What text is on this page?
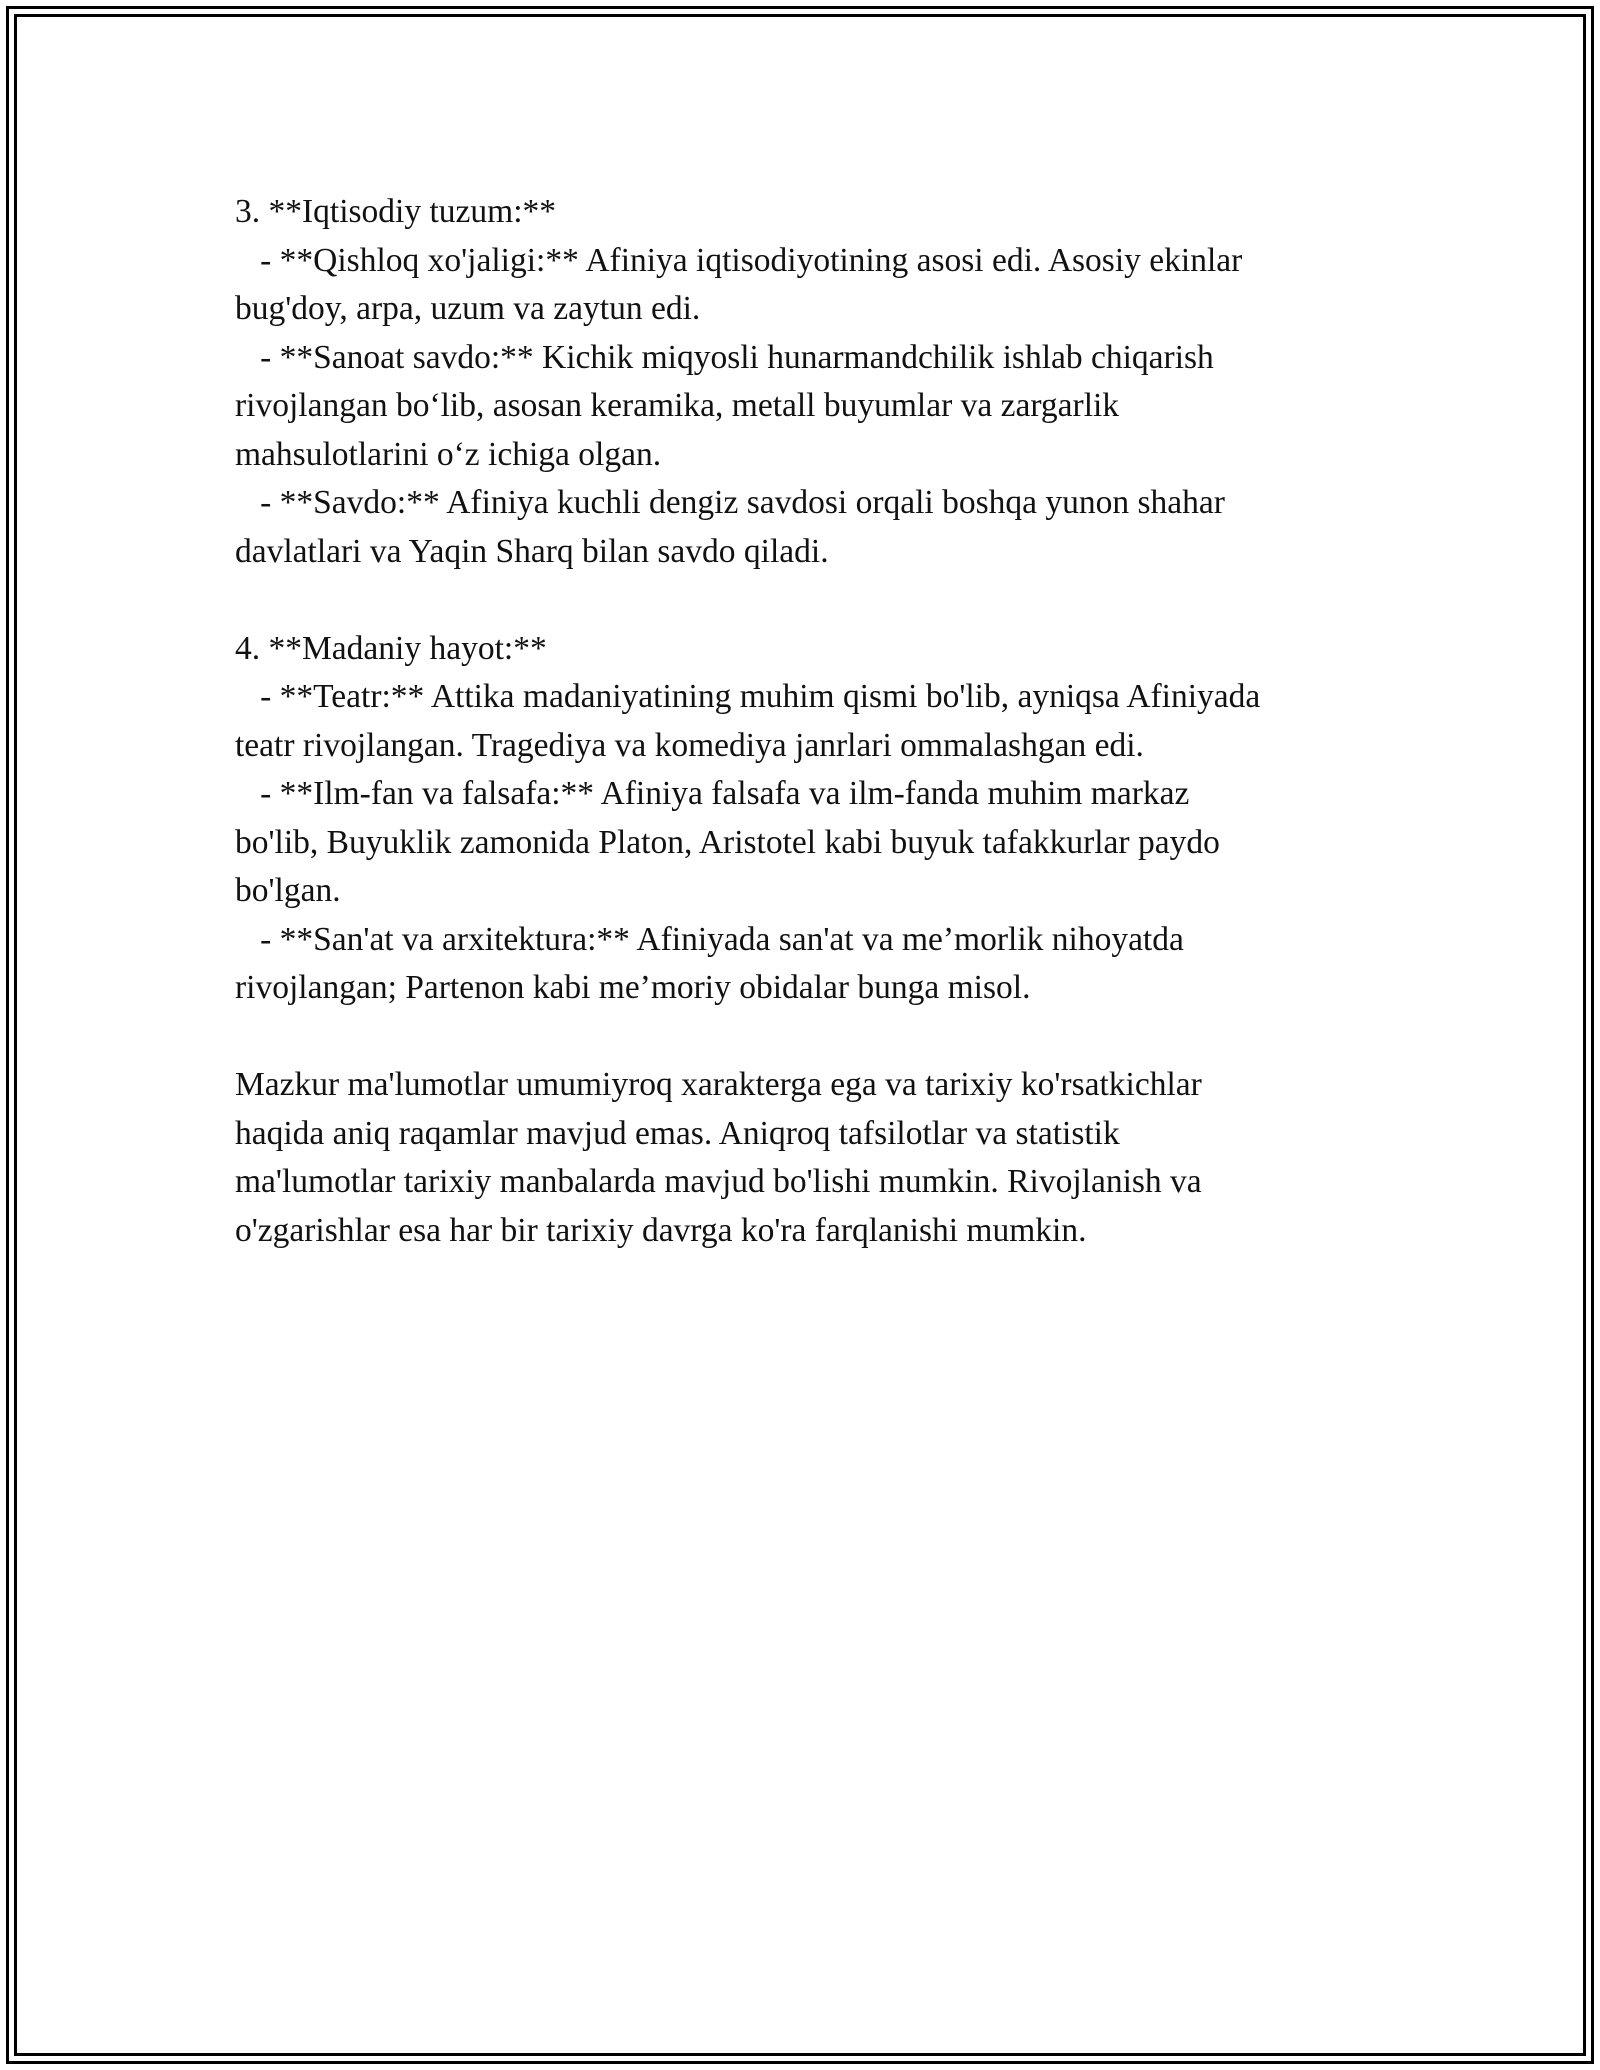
3. **Iqtisodiy tuzum:**
- **Qishloq xo'jaligi:** Afiniya iqtisodiyotining asosi edi. Asosiy ekinlar
bug'doy, arpa, uzum va zaytun edi.
- **Sanoat savdo:** Kichik miqyosli hunarmandchilik ishlab chiqarish
rivojlangan bo‘lib, asosan keramika, metall buyumlar va zargarlik
mahsulotlarini o‘z ichiga olgan.
- **Savdo:** Afiniya kuchli dengiz savdosi orqali boshqa yunon shahar
davlatlari va Yaqin Sharq bilan savdo qiladi.
4. **Madaniy hayot:**
- **Teatr:** Attika madaniyatining muhim qismi bo'lib, ayniqsa Afiniyada
teatr rivojlangan. Tragediya va komediya janrlari ommalashgan edi.
- **Ilm-fan va falsafa:** Afiniya falsafa va ilm-fanda muhim markaz
bo'lib, Buyuklik zamonida Platon, Aristotel kabi buyuk tafakkurlar paydo
bo'lgan.
- **San'at va arxitektura:** Afiniyada san'at va me’morlik nihoyatda
rivojlangan; Partenon kabi me’moriy obidalar bunga misol.
Mazkur ma'lumotlar umumiyroq xarakterga ega va tarixiy ko'rsatkichlar
haqida aniq raqamlar mavjud emas. Aniqroq tafsilotlar va statistik
ma'lumotlar tarixiy manbalarda mavjud bo'lishi mumkin. Rivojlanish va
o'zgarishlar esa har bir tarixiy davrga ko'ra farqlanishi mumkin.
